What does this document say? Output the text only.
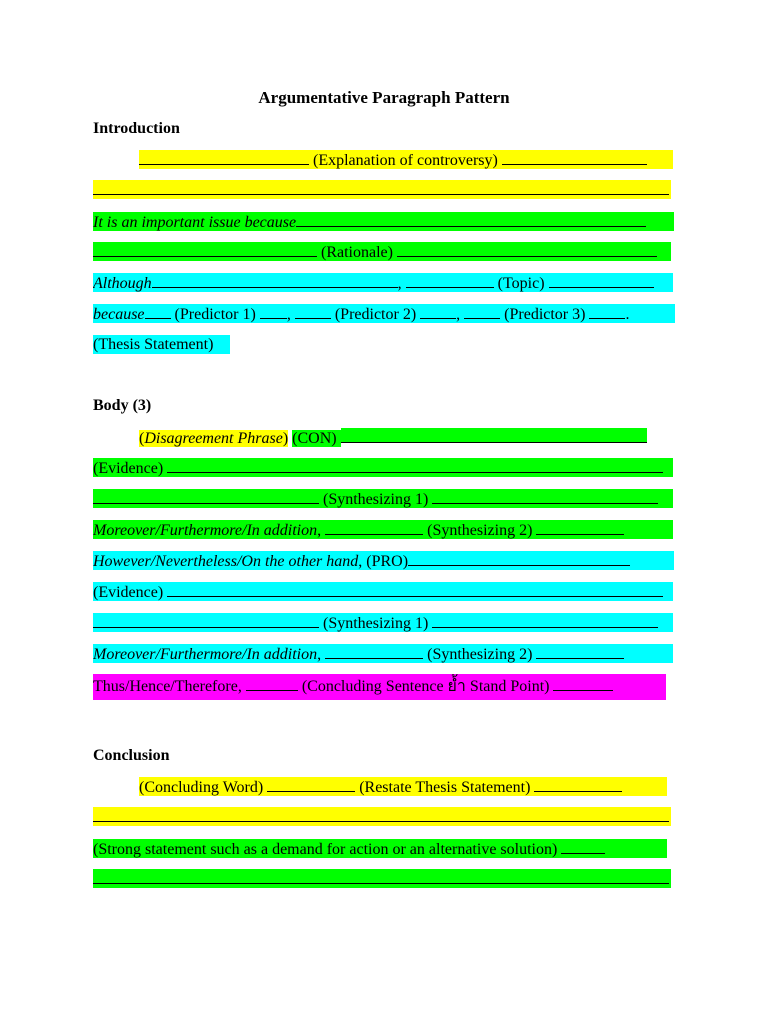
Argumentative Paragraph Pattern
Introduction
(Explanation of controversy)
It is an important issue because
(Rationale)
Although	,	(Topic)
because (Predictor 1) ,	(Predictor 2)	,	(Predictor 3)	.
(Thesis Statement)
Body (3)
(Disagreement Phrase) (CON)
(Evidence)
(Synthesizing 1)
Moreover/Furthermore/In addition,	(Synthesizing 2)
However/Nevertheless/On the other hand, (PRO)
(Evidence)
(Synthesizing 1)
Moreover/Furthermore/In addition,	(Synthesizing 2)
Thus/Hence/Therefore,	(Concluding Sentence ย้ำ Stand Point)
Conclusion
(Concluding Word)	(Restate Thesis Statement)
(Strong statement such as a demand for action or an alternative solution)
